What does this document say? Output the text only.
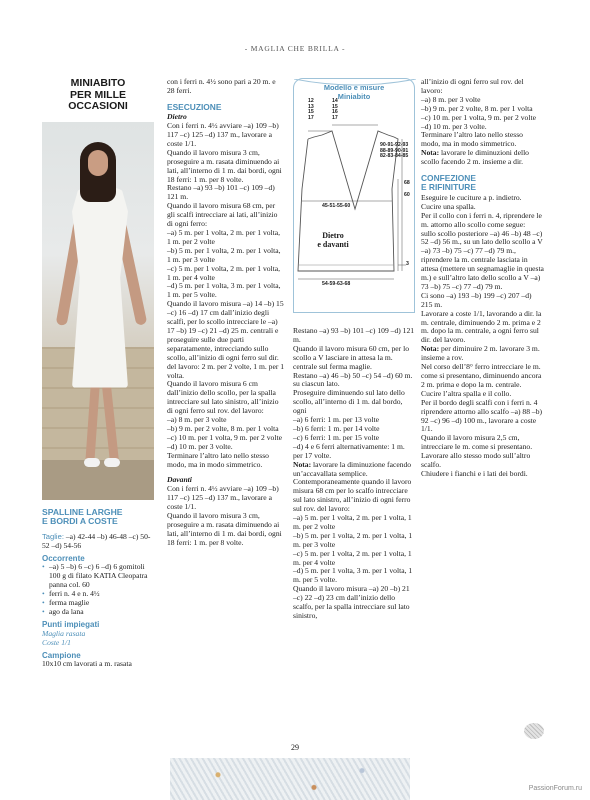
- MAGLIA CHE BRILLA -
MINIABITO
PER MILLE
OCCASIONI
SPALLINE LARGHE
E BORDI A COSTE

Taglie: –a) 42-44 –b) 46-48 –c) 50-52 –d) 54-56

Occorrente
• –a) 5 –b) 6 –c) 6 –d) 6 gomitoli 100 g di filato KATIA Cleopatra panna col. 60
• ferri n. 4 e n. 4½
• ferma maglie
• ago da lana
Punti impiegati

Maglia rasata

Coste 1/1

Campione

10x10 cm lavorati a m. rasata

con i ferri n. 4½ sono pari a 20 m. e 28 ferri.

ESECUZIONE

Dietro

Con i ferri n. 4½ avviare –a) 109 –b) 117 –c) 125 –d) 137 m., lavorare a coste 1/1.

Quando il lavoro misura 3 cm, proseguire a m. rasata diminuendo ai lati, all’interno di 1 m. dai bordi, ogni 18 ferri: 1 m. per 8 volte.

Restano –a) 93 –b) 101 –c) 109 –d) 121 m.

Quando il lavoro misura 68 cm, per gli scalfi intrecciare ai lati, all’inizio di ogni ferro:

–a) 5 m. per 1 volta, 2 m. per 1 volta, 1 m. per 2 volte

–b) 5 m. per 1 volta, 2 m. per 1 volta, 1 m. per 3 volte

–c) 5 m. per 1 volta, 2 m. per 1 volta, 1 m. per 4 volte

–d) 5 m. per 1 volta, 3 m. per 1 volta, 1 m. per 5 volte.

Quando il lavoro misura –a) 14 –b) 15 –c) 16 –d) 17 cm dall’inizio degli scalfi, per lo scollo intrecciare le –a) 17 –b) 19 –c) 21 –d) 25 m. centrali e proseguire sulle due parti separatamente, intrecciando sullo scollo, all’inizio di ogni ferro sul dir. del lavoro: 2 m. per 2 volte, 1 m. per 1 volta.

Quando il lavoro misura 6 cm dall’inizio dello scollo, per la spalla intrecciare sul lato sinistro, all’inizio di ogni ferro sul rov. del lavoro:

–a) 8 m. per 3 volte

–b) 9 m. per 2 volte, 8 m. per 1 volta

–c) 10 m. per 1 volta, 9 m. per 2 volte

–d) 10 m. per 3 volte.

Terminare l’altro lato nello stesso modo, ma in modo simmetrico.

Davanti

Con i ferri n. 4½ avviare –a) 109 –b) 117 –c) 125 –d) 137 m., lavorare a coste 1/1.

Quando il lavoro misura 3 cm, proseguire a m. rasata diminuendo ai lati, all’interno di 1 m. dai bordi, ogni 18 ferri: 1 m. per 8 volte.

Modello e misure
Miniabito
12
13
15
17
14
15
16
17
90-91-92-93
88-89-90-91
82-83-84-85
68
60
45-51-55-60
54-59-63-68
3
Dietro
e davanti

Restano –a) 93 –b) 101 –c) 109 –d) 121 m.

Quando il lavoro misura 60 cm, per lo scollo a V lasciare in attesa la m. centrale sul ferma maglie.

Restano –a) 46 –b) 50 –c) 54 –d) 60 m. su ciascun lato.

Proseguire diminuendo sul lato dello scollo, all’interno di 1 m. dal bordo, ogni

–a) 6 ferri: 1 m. per 13 volte

–b) 6 ferri: 1 m. per 14 volte

–c) 6 ferri: 1 m. per 15 volte

–d) 4 e 6 ferri alternativamente: 1 m. per 17 volte.

Nota: lavorare la diminuzione facendo un’accavallata semplice.

Contemporaneamente quando il lavoro misura 68 cm per lo scalfo intrecciare sul lato sinistro, all’inizio di ogni ferro sul rov. del lavoro:

–a) 5 m. per 1 volta, 2 m. per 1 volta, 1 m. per 2 volte

–b) 5 m. per 1 volta, 2 m. per 1 volta, 1 m. per 3 volte

–c) 5 m. per 1 volta, 2 m. per 1 volta, 1 m. per 4 volte

–d) 5 m. per 1 volta, 3 m. per 1 volta, 1 m. per 5 volte.

Quando il lavoro misura –a) 20 –b) 21 –c) 22 –d) 23 cm dall’inizio dello scalfo, per la spalla intrecciare sul lato sinistro,

all’inizio di ogni ferro sul rov. del lavoro:

–a) 8 m. per 3 volte

–b) 9 m. per 2 volte, 8 m. per 1 volta

–c) 10 m. per 1 volta, 9 m. per 2 volte

–d) 10 m. per 3 volte.

Terminare l’altro lato nello stesso modo, ma in modo simmetrico.

Nota: lavorare le diminuzioni dello scollo facendo 2 m. insieme a dir.

CONFEZIONE
E RIFINITURE

Eseguire le cuciture a p. indietro.

Cucire una spalla.

Per il collo con i ferri n. 4, riprendere le m. attorno allo scollo come segue:

sullo scollo posteriore –a) 46 –b) 48 –c) 52 –d) 56 m., su un lato dello scollo a V –a) 73 –b) 75 –c) 77 –d) 79 m., riprendere la m. centrale lasciata in attesa (mettere un segnamaglie in questa m.) e sull’altro lato dello scollo a V –a) 73 –b) 75 –c) 77 –d) 79 m.

Ci sono –a) 193 –b) 199 –c) 207 –d) 215 m.

Lavorare a coste 1/1, lavorando a dir. la m. centrale, diminuendo 2 m. prima e 2 m. dopo la m. centrale, a ogni ferro sul dir. del lavoro.

Nota: per diminuire 2 m. lavorare 3 m. insieme a rov.

Nel corso dell’8° ferro intrecciare le m. come si presentano, diminuendo ancora 2 m. prima e dopo la m. centrale.

Cucire l’altra spalla e il collo.

Per il bordo degli scalfi con i ferri n. 4 riprendere attorno allo scalfo –a) 88 –b) 92 –c) 96 –d) 100 m., lavorare a coste 1/1.

Quando il lavoro misura 2,5 cm, intrecciare le m. come si presentano.

Lavorare allo stesso modo sull’altro scalfo.

Chiudere i fianchi e i lati dei bordi.

29
PassionForum.ru
